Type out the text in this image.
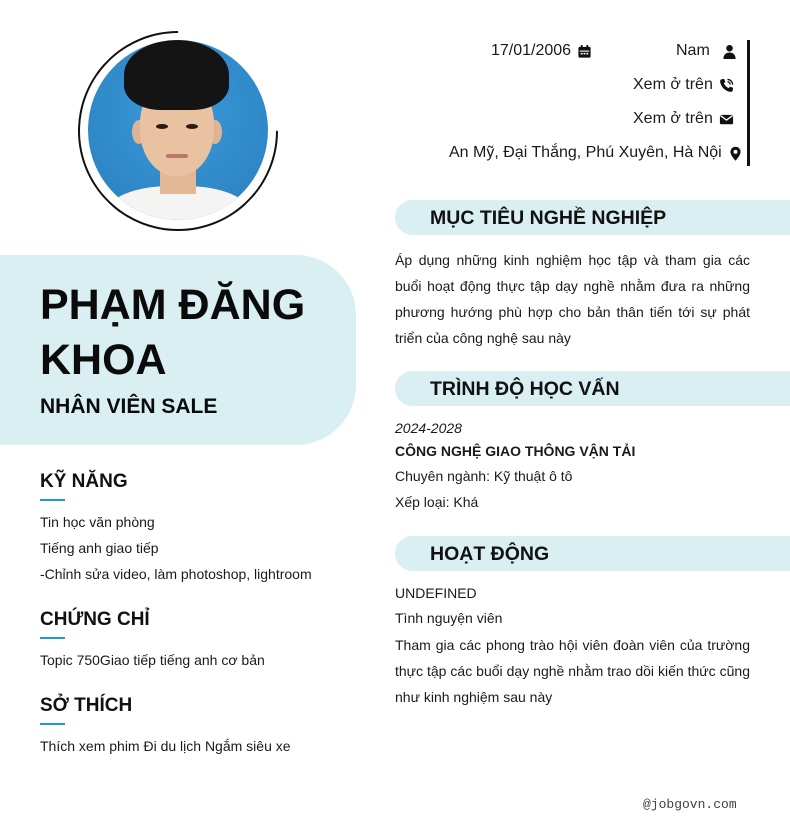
PHẠM ĐĂNG KHOA
NHÂN VIÊN SALE
KỸ NĂNG
Tin học văn phòng
Tiếng anh giao tiếp
-Chỉnh sửa video, làm photoshop, lightroom
CHỨNG CHỈ
Topic 750Giao tiếp tiếng anh cơ bản
SỞ THÍCH
Thích xem phim Đi du lịch Ngắm siêu xe
17/01/2006	Nam
Xem ở trên
Xem ở trên
An Mỹ, Đại Thắng, Phú Xuyên, Hà Nội
MỤC TIÊU NGHỀ NGHIỆP
Áp dụng những kinh nghiệm học tập và tham gia các buổi hoạt động thực tập dạy nghề nhằm đưa ra những phương hướng phù hợp cho bản thân tiến tới sự phát triển của công nghệ sau này
TRÌNH ĐỘ HỌC VẤN
2024-2028
CÔNG NGHỆ GIAO THÔNG VẬN TẢI
Chuyên ngành: Kỹ thuật ô tô
Xếp loại: Khá
HOẠT ĐỘNG
UNDEFINED
Tình nguyện viên
Tham gia các phong trào hội viên đoàn viên của trường thực tập các buổi dạy nghề nhằm trao dồi kiến thức cũng như kinh nghiệm sau này
@jobgovn.com
